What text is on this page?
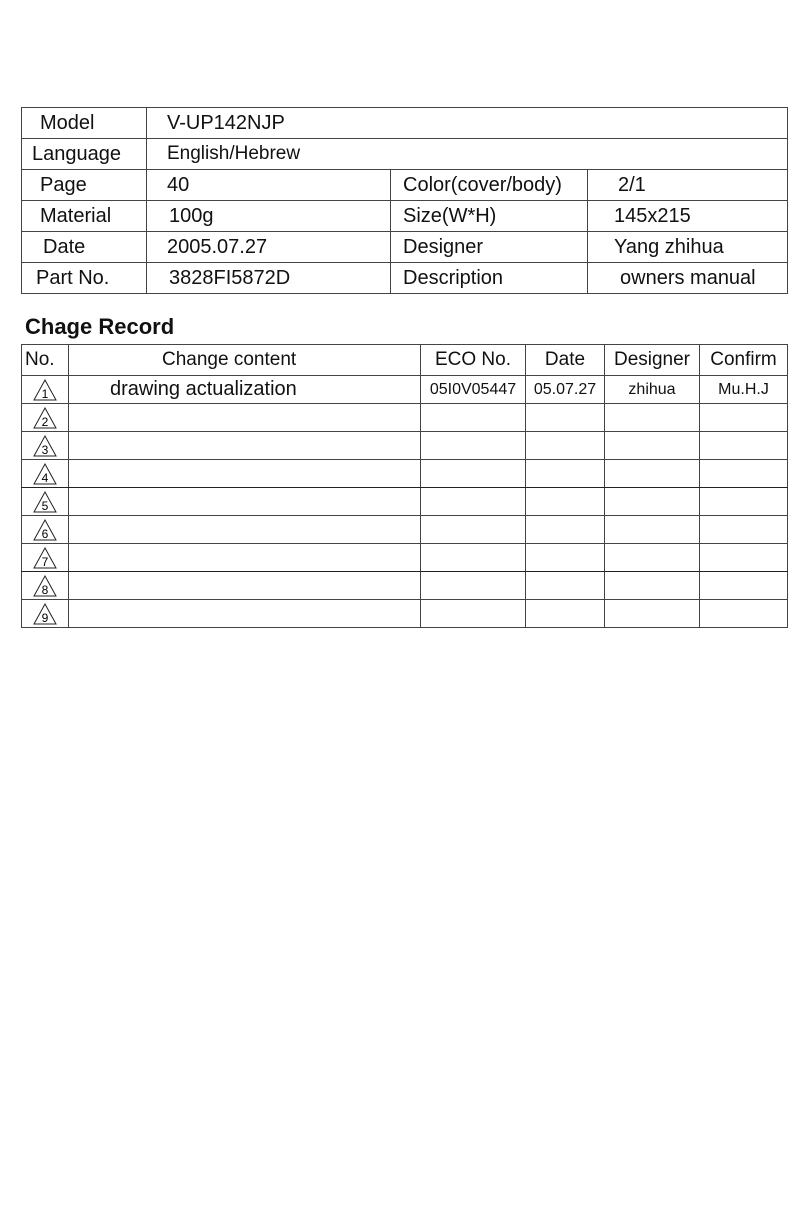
Model	V-UP142NJP		
Language	English/Hebrew		
Page	40	Color(cover/body)	2/1
Material	100g	Size(W*H)	145x215
Date	2005.07.27	Designer	Yang zhihua
Part No.	3828FI5872D	Description	owners manual
Chage Record
No.	Change content	ECO No.	Date	Designer	Confirm

1	drawing actualization	05I0V05447	05.07.27	zhihua	Mu.H.J

2					

3					

4					

5					

6					

7					

8					

9					
